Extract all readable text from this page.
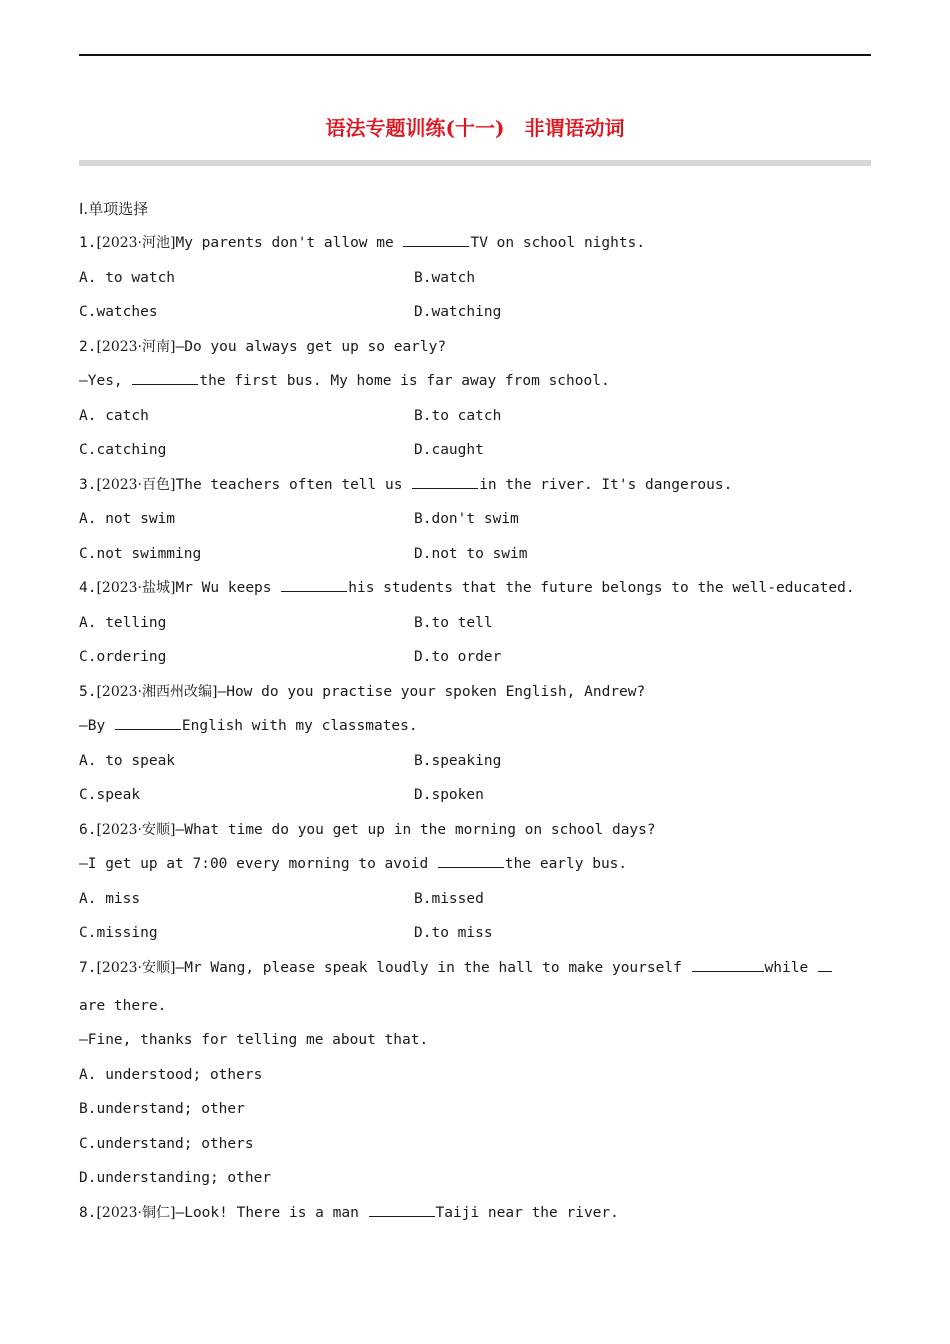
语法专题训练(十一)　非谓语动词
Ⅰ.单项选择
1.[2023·河池]My parents don't allow me	TV on school nights.
A. to watch	B.watch
C.watches	D.watching
2.[2023·河南]—Do you always get up so early?
—Yes,	the first bus. My home is far away from school.
A. catch	B.to catch
C.catching	D.caught
3.[2023·百色]The teachers often tell us	in the river. It's dangerous.
A. not swim	B.don't swim
C.not swimming	D.not to swim
4.[2023·盐城]Mr Wu keeps	his students that the future belongs to the well-educated.
A. telling	B.to tell
C.ordering	D.to order
5.[2023·湘西州改编]—How do you practise your spoken English, Andrew?
—By	English with my classmates.
A. to speak	B.speaking
C.speak	D.spoken
6.[2023·安顺]—What time do you get up in the morning on school days?
—I get up at 7:00 every morning to avoid	the early bus.
A. miss	B.missed
C.missing	D.to miss
7.[2023·安顺]—Mr Wang, please speak loudly in the hall to make yourself	while
are there.
—Fine, thanks for telling me about that.
A. understood; others
B.understand; other
C.understand; others
D.understanding; other
8.[2023·铜仁]—Look! There is a man	Taiji near the river.
